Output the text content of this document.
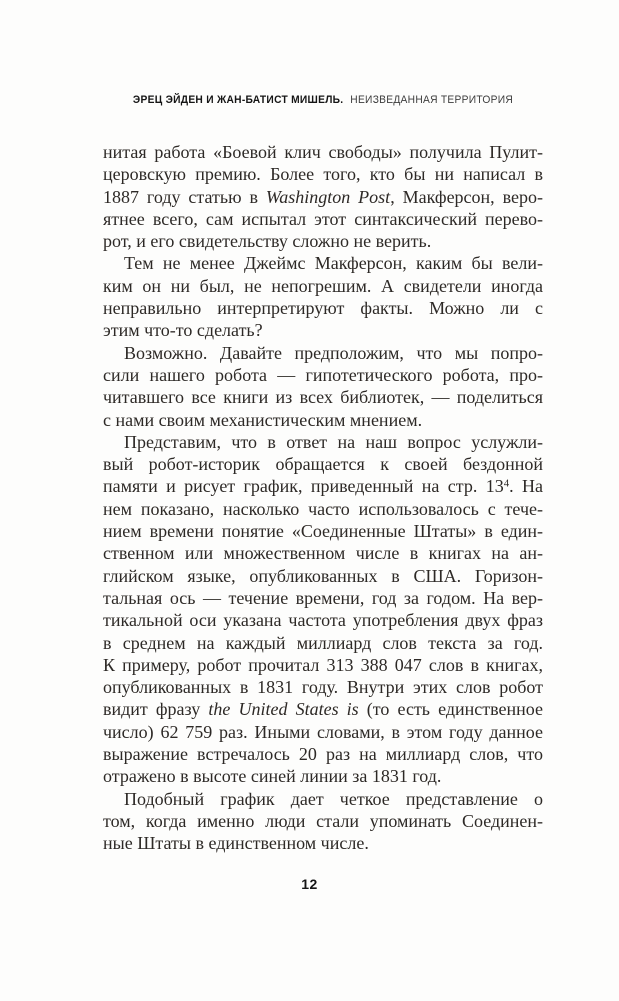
ЭРЕЦ ЭЙДЕН И ЖАН-БАТИСТ МИШЕЛЬ. НЕИЗВЕДАННАЯ ТЕРРИТОРИЯ
нитая работа «Боевой клич свободы» получила Пулит-
церовскую премию. Более того, кто бы ни написал в
1887 году статью в Washington Post, Макферсон, веро-
ятнее всего, сам испытал этот синтаксический перево-
рот, и его свидетельству сложно не верить.
Тем не менее Джеймс Макферсон, каким бы вели-
ким он ни был, не непогрешим. А свидетели иногда
неправильно интерпретируют факты. Можно ли с
этим что-то сделать?
Возможно. Давайте предположим, что мы попро-
сили нашего робота — гипотетического робота, про-
читавшего все книги из всех библиотек, — поделиться
с нами своим механистическим мнением.
Представим, что в ответ на наш вопрос услужли-
вый робот-историк обращается к своей бездонной
памяти и рисует график, приведенный на стр. $13^4$. На
нем показано, насколько часто использовалось с тече-
нием времени понятие «Соединенные Штаты» в един-
ственном или множественном числе в книгах на ан-
глийском языке, опубликованных в США. Горизон-
тальная ось — течение времени, год за годом. На вер-
тикальной оси указана частота употребления двух фраз
в среднем на каждый миллиард слов текста за год.
К примеру, робот прочитал 313 388 047 слов в книгах,
опубликованных в 1831 году. Внутри этих слов робот
видит фразу the United States is (то есть единственное
число) 62 759 раз. Иными словами, в этом году данное
выражение встречалось 20 раз на миллиард слов, что
отражено в высоте синей линии за 1831 год.
Подобный график дает четкое представление о
том, когда именно люди стали упоминать Соединен-
ные Штаты в единственном числе.
12
